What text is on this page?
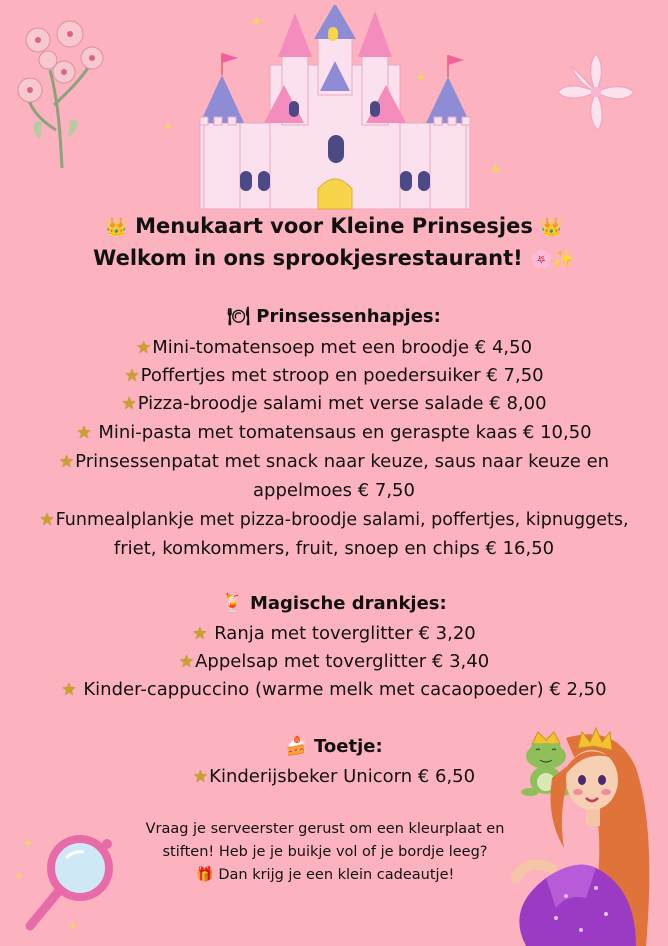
✦
✦
✦
✦
👑 Menukaart voor Kleine Prinsesjes 👑
Welkom in ons sprookjesrestaurant! 🌸✨
🍽 Prinsessenhapjes:
★Mini-tomatensoep met een broodje € 4,50
★Poffertjes met stroop en poedersuiker € 7,50
★Pizza-broodje salami met verse salade € 8,00
★ Mini-pasta met tomatensaus en geraspte kaas € 10,50
★Prinsessenpatat met snack naar keuze, saus naar keuze en
appelmoes € 7,50
★Funmealplankje met pizza-broodje salami, poffertjes, kipnuggets,
friet, komkommers, fruit, snoep en chips € 16,50
🍹 Magische drankjes:
★ Ranja met toverglitter € 3,20
★Appelsap met toverglitter € 3,40
★ Kinder-cappuccino (warme melk met cacaopoeder) € 2,50
🍰 Toetje:
★Kinderijsbeker Unicorn € 6,50
Vraag je serveerster gerust om een kleurplaat en
stiften! Heb je je buikje vol of je bordje leeg?
🎁 Dan krijg je een klein cadeautje!
✦
✦
✦
